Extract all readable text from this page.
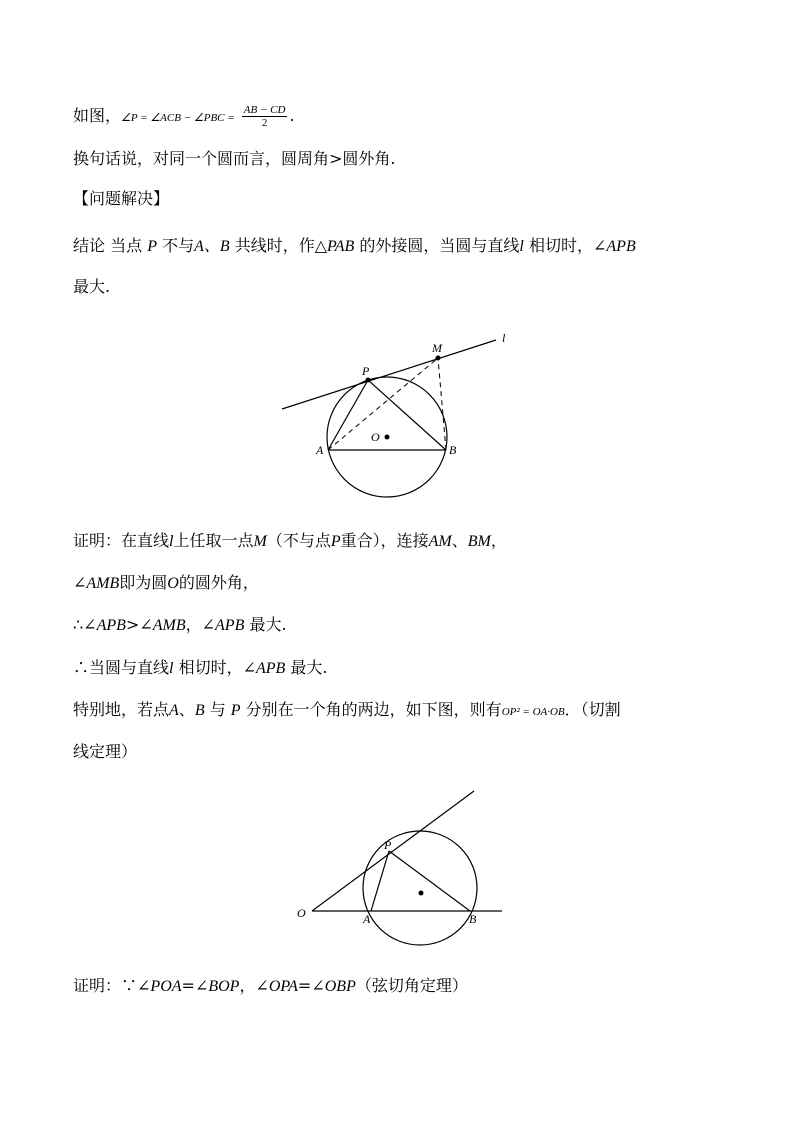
如图，∠P = ∠ACB − ∠PBC = $\frac{AB - CD}{2}$ .
换句话说，对同一个圆而言，圆周角>圆外角.
【问题解决】
结论 当点 P 不与A、B 共线时，作△PAB 的外接圆，当圆与直线l 相切时，∠APB
最大.
l
M
P
O
A	B
证明：在直线l上任取一点M（不与点P重合），连接AM、BM，
∠AMB即为圆O的圆外角，
∴∠APB>∠AMB，∠APB 最大.
∴当圆与直线l 相切时，∠APB 最大.
特别地，若点A、B 与 P 分别在一个角的两边，如下图，则有OP² = OA·OB．（切割
线定理）
P
O	A	B
证明：∵∠POA=∠BOP，∠OPA=∠OBP（弦切角定理）
